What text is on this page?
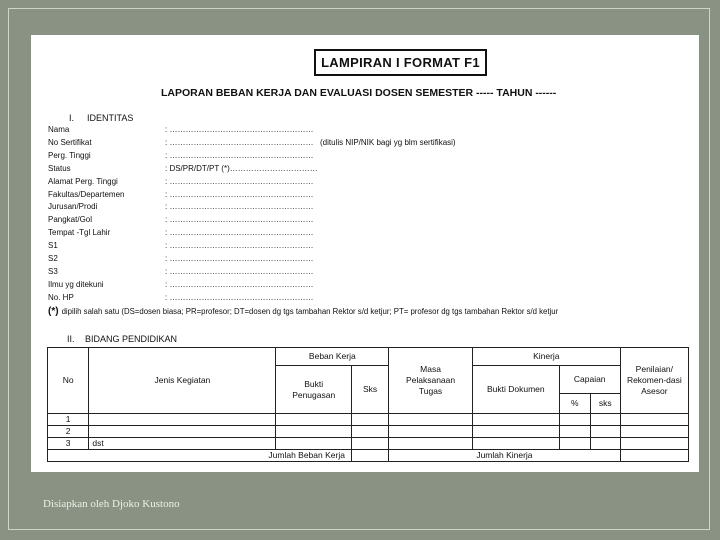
LAMPIRAN I FORMAT F1
LAPORAN BEBAN KERJA DAN EVALUASI DOSEN SEMESTER ----- TAHUN ------
I. IDENTITAS
Nama	: ………………………………………………
No Sertifikat	: ……………………………………………… (ditulis NIP/NIK bagi yg blm sertifikasi)
Perg. Tinggi	: ………………………………………………
Status	: DS/PR/DT/PT (*)……………………………
Alamat Perg. Tinggi	: ………………………………………………
Fakultas/Departemen	: ………………………………………………
Jurusan/Prodi	: ………………………………………………
Pangkat/Gol	: ………………………………………………
Tempat -Tgl Lahir	: ………………………………………………
S1	: ………………………………………………
S2	: ………………………………………………
S3	: ………………………………………………
Ilmu yg ditekuni	: ………………………………………………
No. HP	: ………………………………………………
(*) dipilih salah satu (DS=dosen biasa; PR=profesor; DT=dosen dg tgs tambahan Rektor s/d ketjur; PT= profesor dg tgs tambahan Rektor s/d ketjur
II. BIDANG PENDIDIKAN
No	Jenis Kegiatan	Beban Kerja		Masa Pelaksanaan Tugas	Kinerja			Penilaian/ Rekomen-dasi Asesor
		Bukti Penugasan	Sks		Bukti Dokumen	Capaian		
						%	sks	
1								
2								
3	dst							
Jumlah Beban Kerja				Jumlah Kinerja				
Disiapkan oleh Djoko Kustono
